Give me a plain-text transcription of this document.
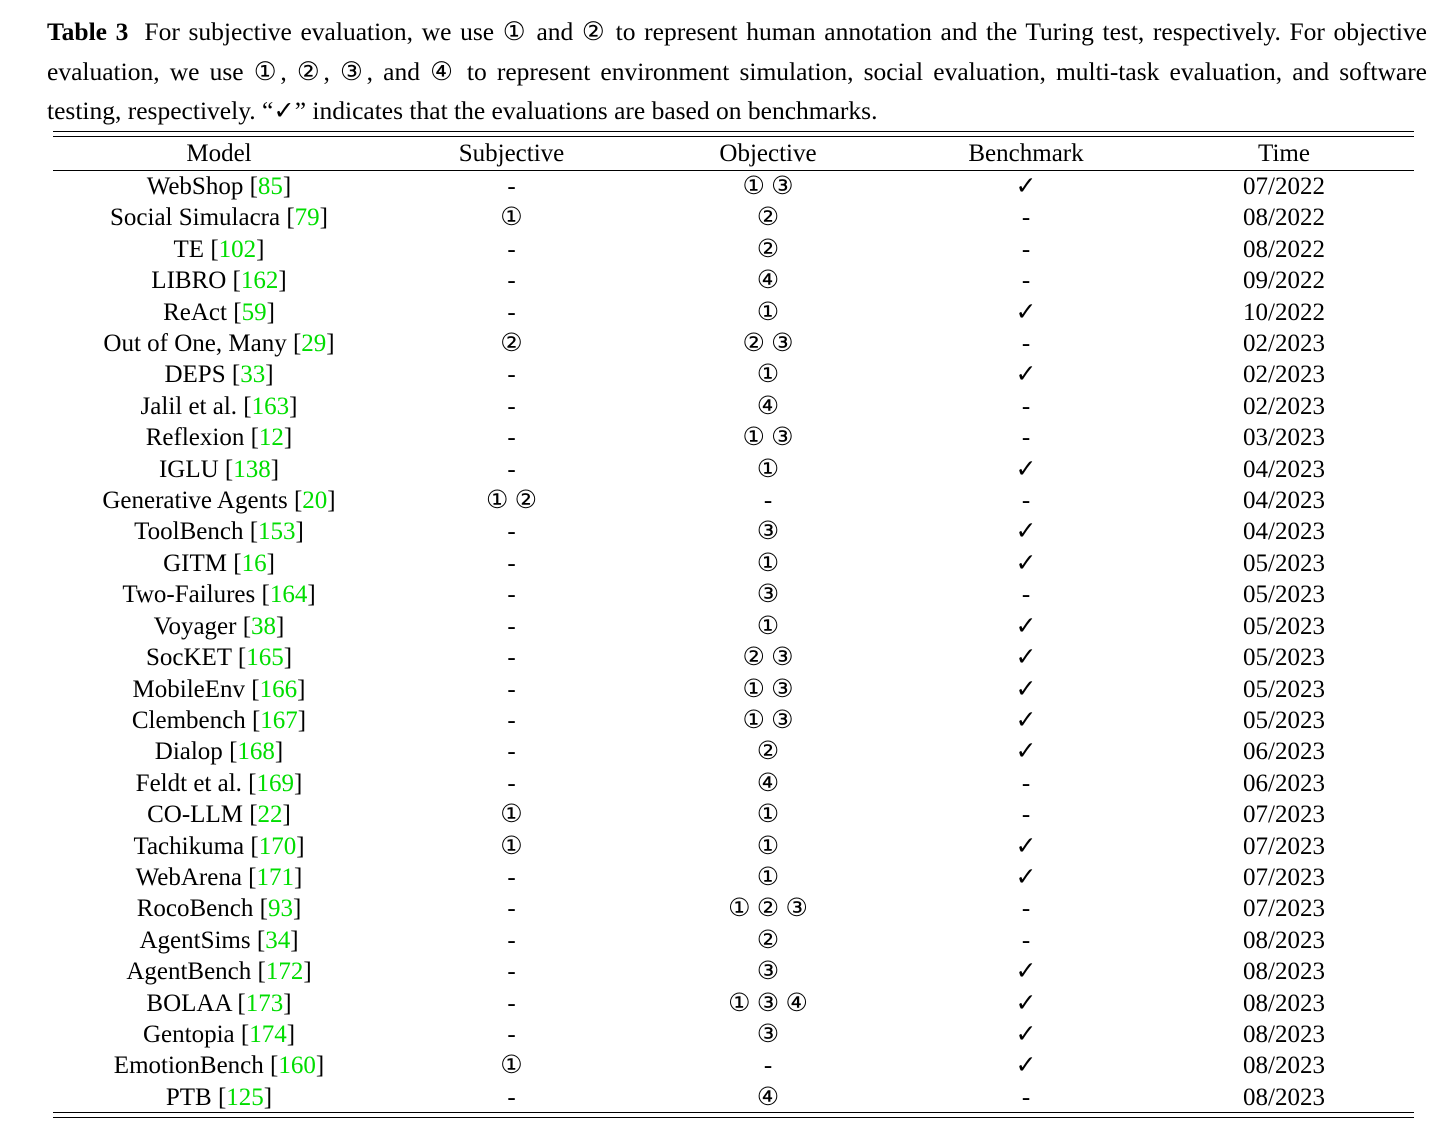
Table 3 For subjective evaluation, we use ① and ② to represent human annotation and the Turing test, respectively. For objective evaluation, we use ①, ②, ③, and ④ to represent environment simulation, social evaluation, multi-task evaluation, and software testing, respectively. “✓” indicates that the evaluations are based on benchmarks.
Model	Subjective	Objective	Benchmark	Time
WebShop [85]	-	① ③	✓	07/2022
Social Simulacra [79]	①	②	-	08/2022
TE [102]	-	②	-	08/2022
LIBRO [162]	-	④	-	09/2022
ReAct [59]	-	①	✓	10/2022
Out of One, Many [29]	②	② ③	-	02/2023
DEPS [33]	-	①	✓	02/2023
Jalil et al. [163]	-	④	-	02/2023
Reflexion [12]	-	① ③	-	03/2023
IGLU [138]	-	①	✓	04/2023
Generative Agents [20]	① ②	-	-	04/2023
ToolBench [153]	-	③	✓	04/2023
GITM [16]	-	①	✓	05/2023
Two-Failures [164]	-	③	-	05/2023
Voyager [38]	-	①	✓	05/2023
SocKET [165]	-	② ③	✓	05/2023
MobileEnv [166]	-	① ③	✓	05/2023
Clembench [167]	-	① ③	✓	05/2023
Dialop [168]	-	②	✓	06/2023
Feldt et al. [169]	-	④	-	06/2023
CO-LLM [22]	①	①	-	07/2023
Tachikuma [170]	①	①	✓	07/2023
WebArena [171]	-	①	✓	07/2023
RocoBench [93]	-	① ② ③	-	07/2023
AgentSims [34]	-	②	-	08/2023
AgentBench [172]	-	③	✓	08/2023
BOLAA [173]	-	① ③ ④	✓	08/2023
Gentopia [174]	-	③	✓	08/2023
EmotionBench [160]	①	-	✓	08/2023
PTB [125]	-	④	-	08/2023
